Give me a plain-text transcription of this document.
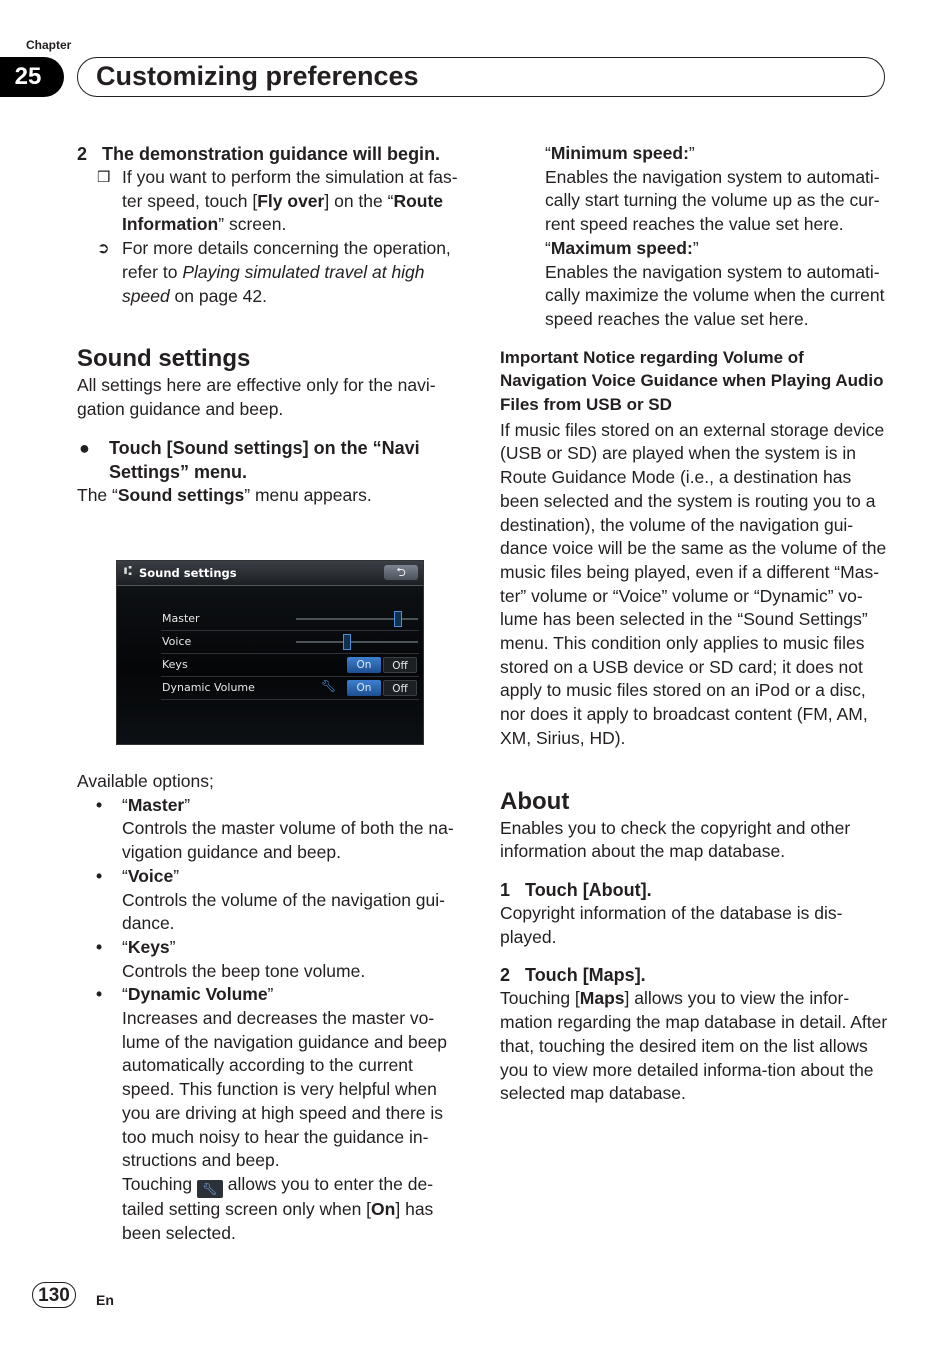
Chapter
25	Customizing preferences
2 The demonstration guidance will begin.
❒ If you want to perform the simulation at fas-ter speed, touch [Fly over] on the “Route Information” screen.
➲ For more details concerning the operation, refer to Playing simulated travel at high speed on page 42.
Sound settings
All settings here are effective only for the navi-gation guidance and beep.
● Touch [Sound settings] on the “Navi Settings” menu.
The “Sound settings” menu appears.
⑆ Sound settings	⮌
Master
Voice
Keys	On	Off
Dynamic Volume	🔧︎	On	Off
Available options;
• “Master”
Controls the master volume of both the na-vigation guidance and beep.
• “Voice”
Controls the volume of the navigation gui-dance.
• “Keys”
Controls the beep tone volume.
• “Dynamic Volume”
Increases and decreases the master vo-lume of the navigation guidance and beep automatically according to the current speed. This function is very helpful when you are driving at high speed and there is too much noisy to hear the guidance in-structions and beep.
Touching 🔧︎ allows you to enter the de-tailed setting screen only when [On] has been selected.
“Minimum speed:”
Enables the navigation system to automati-cally start turning the volume up as the cur-rent speed reaches the value set here.
“Maximum speed:”
Enables the navigation system to automati-cally maximize the volume when the current speed reaches the value set here.
Important Notice regarding Volume of Navigation Voice Guidance when Playing Audio Files from USB or SD
If music files stored on an external storage device (USB or SD) are played when the system is in Route Guidance Mode (i.e., a destination has been selected and the system is routing you to a destination), the volume of the navigation gui-dance voice will be the same as the volume of the music files being played, even if a different “Mas-ter” volume or “Voice” volume or “Dynamic” vo-lume has been selected in the “Sound Settings” menu. This condition only applies to music files stored on a USB device or SD card; it does not apply to music files stored on an iPod or a disc, nor does it apply to broadcast content (FM, AM, XM, Sirius, HD).
About
Enables you to check the copyright and other information about the map database.
1 Touch [About].
Copyright information of the database is dis-played.
2 Touch [Maps].
Touching [Maps] allows you to view the infor-mation regarding the map database in detail. After that, touching the desired item on the list allows you to view more detailed informa-tion about the selected map database.
130	En
